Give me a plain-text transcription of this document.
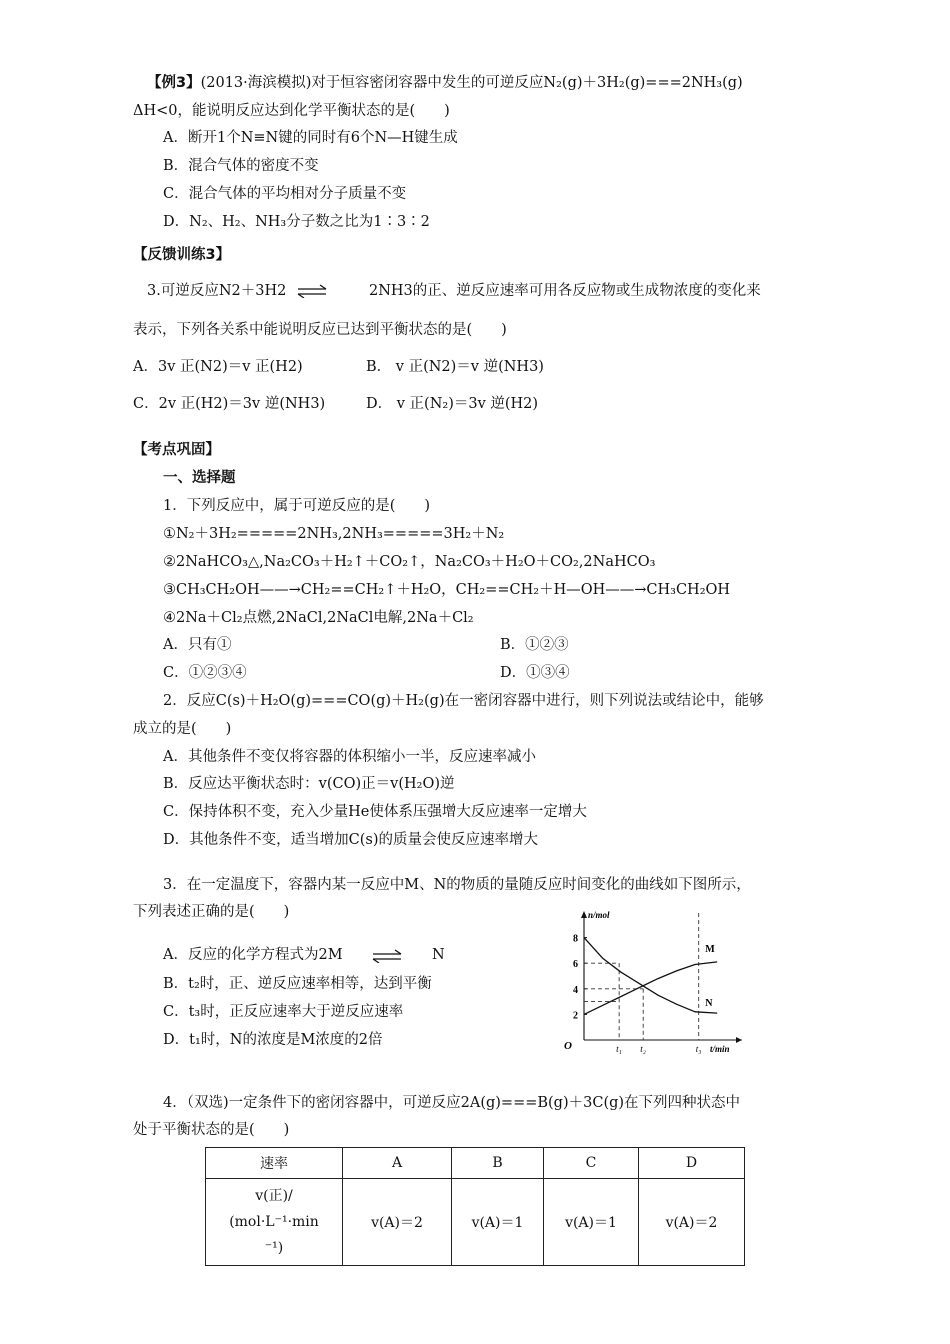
【例3】(2013·海滨模拟)对于恒容密闭容器中发生的可逆反应N₂(g)＋3H₂(g)===2NH₃(g)
ΔH<0，能说明反应达到化学平衡状态的是(　　)
A．断开1个N≡N键的同时有6个N—H键生成
B．混合气体的密度不变
C．混合气体的平均相对分子质量不变
D．N₂、H₂、NH₃分子数之比为1∶3∶2
【反馈训练3】
3.可逆反应N2＋3H2 ⇌	2NH3的正、逆反应速率可用各反应物或生成物浓度的变化来
表示，下列各关系中能说明反应已达到平衡状态的是(　　)
A．3v 正(N2)＝v 正(H2)	B． v 正(N2)＝v 逆(NH3)
C．2v 正(H2)＝3v 逆(NH3)	D． v 正(N₂)＝3v 逆(H2)
【考点巩固】
一、选择题
1．下列反应中，属于可逆反应的是(　　)
①N₂＋3H₂=====2NH₃,2NH₃=====3H₂＋N₂
②2NaHCO₃△,Na₂CO₃＋H₂↑＋CO₂↑，Na₂CO₃＋H₂O＋CO₂,2NaHCO₃
③CH₃CH₂OH——→CH₂==CH₂↑＋H₂O，CH₂==CH₂＋H—OH——→CH₃CH₂OH
④2Na＋Cl₂点燃,2NaCl,2NaCl电解,2Na＋Cl₂
A．只有①	B．①②③
C．①②③④	D．①③④
2．反应C(s)＋H₂O(g)===CO(g)＋H₂(g)在一密闭容器中进行，则下列说法或结论中，能够
成立的是(　　)
A．其他条件不变仅将容器的体积缩小一半，反应速率减小
B．反应达平衡状态时：v(CO)正＝v(H₂O)逆
C．保持体积不变，充入少量He使体系压强增大反应速率一定增大
D．其他条件不变，适当增加C(s)的质量会使反应速率增大
3．在一定温度下，容器内某一反应中M、N的物质的量随反应时间变化的曲线如下图所示，
下列表述正确的是(　　)
A．反应的化学方程式为2M	N
B．t₂时，正、逆反应速率相等，达到平衡
C．t₃时，正反应速率大于逆反应速率
D．t₁时，N的浓度是M浓度的2倍	O
n/mol
t/min
2
4
6
8
t₁ t₂	t₃
M
N
4．（双选)一定条件下的密闭容器中，可逆反应2A(g)===B(g)＋3C(g)在下列四种状态中
处于平衡状态的是(　　)
速率	A	B	C	D

v(正)/
(mol·L⁻¹·min
⁻¹)	v(A)＝2	v(A)＝1	v(A)＝1	v(A)＝2
